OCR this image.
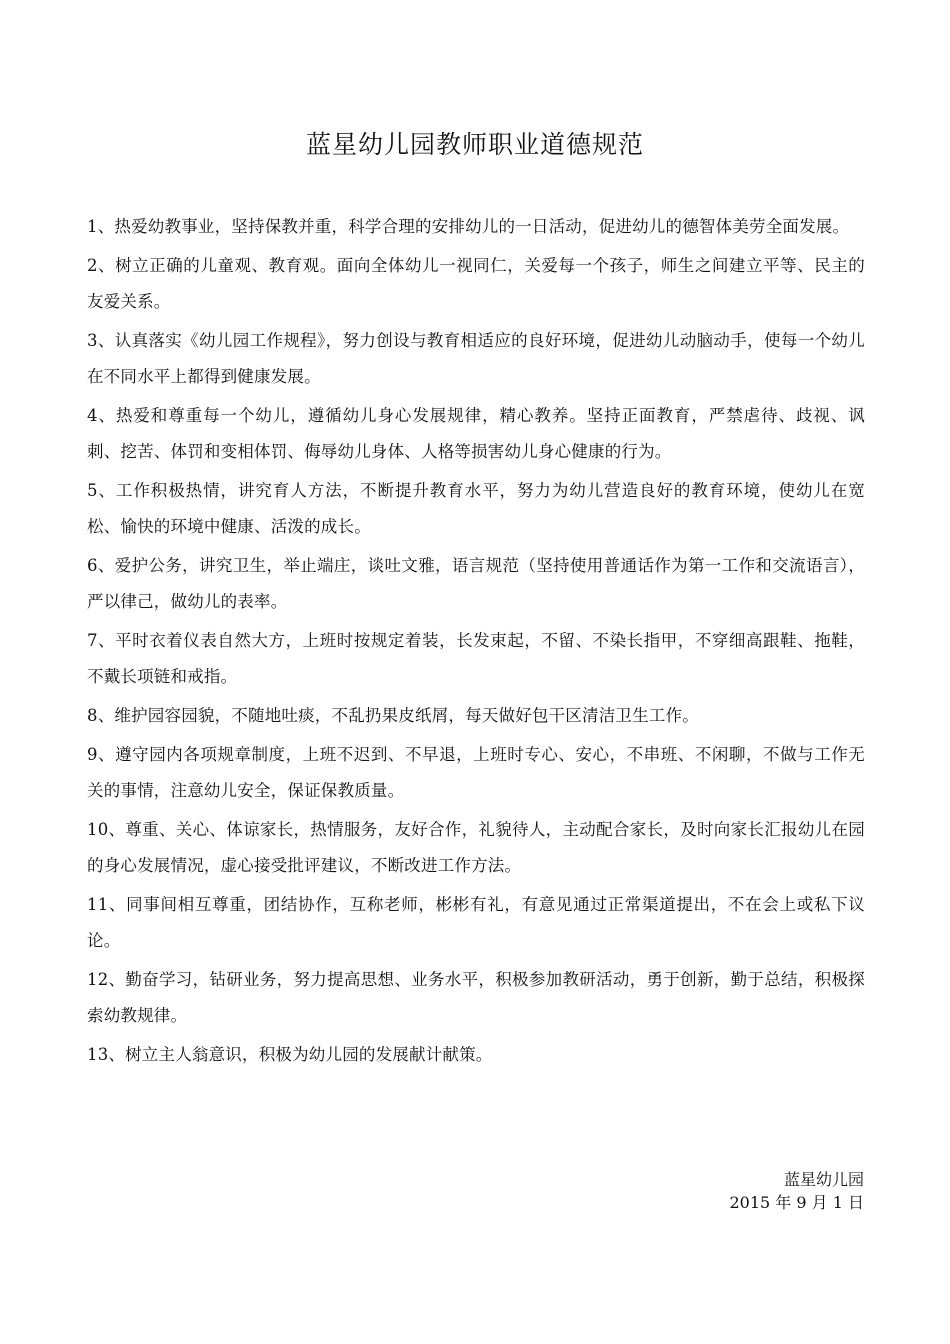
蓝星幼儿园教师职业道德规范
1、热爱幼教事业，坚持保教并重，科学合理的安排幼儿的一日活动，促进幼儿的德智体美劳全面发展。
2、树立正确的儿童观、教育观。面向全体幼儿一视同仁，关爱每一个孩子，师生之间建立平等、民主的友爱关系。
3、认真落实《幼儿园工作规程》，努力创设与教育相适应的良好环境，促进幼儿动脑动手，使每一个幼儿在不同水平上都得到健康发展。
4、热爱和尊重每一个幼儿，遵循幼儿身心发展规律，精心教养。坚持正面教育，严禁虐待、歧视、讽刺、挖苦、体罚和变相体罚、侮辱幼儿身体、人格等损害幼儿身心健康的行为。
5、工作积极热情，讲究育人方法，不断提升教育水平，努力为幼儿营造良好的教育环境，使幼儿在宽松、愉快的环境中健康、活泼的成长。
6、爱护公务，讲究卫生，举止端庄，谈吐文雅，语言规范（坚持使用普通话作为第一工作和交流语言），严以律己，做幼儿的表率。
7、平时衣着仪表自然大方，上班时按规定着装，长发束起，不留、不染长指甲，不穿细高跟鞋、拖鞋，不戴长项链和戒指。
8、维护园容园貌，不随地吐痰，不乱扔果皮纸屑，每天做好包干区清洁卫生工作。
9、遵守园内各项规章制度，上班不迟到、不早退，上班时专心、安心，不串班、不闲聊，不做与工作无关的事情，注意幼儿安全，保证保教质量。
10、尊重、关心、体谅家长，热情服务，友好合作，礼貌待人，主动配合家长，及时向家长汇报幼儿在园的身心发展情况，虚心接受批评建议，不断改进工作方法。
11、同事间相互尊重，团结协作，互称老师，彬彬有礼，有意见通过正常渠道提出，不在会上或私下议论。
12、勤奋学习，钻研业务，努力提高思想、业务水平，积极参加教研活动，勇于创新，勤于总结，积极探索幼教规律。
13、树立主人翁意识，积极为幼儿园的发展献计献策。
蓝星幼儿园
2015 年 9 月 1 日
